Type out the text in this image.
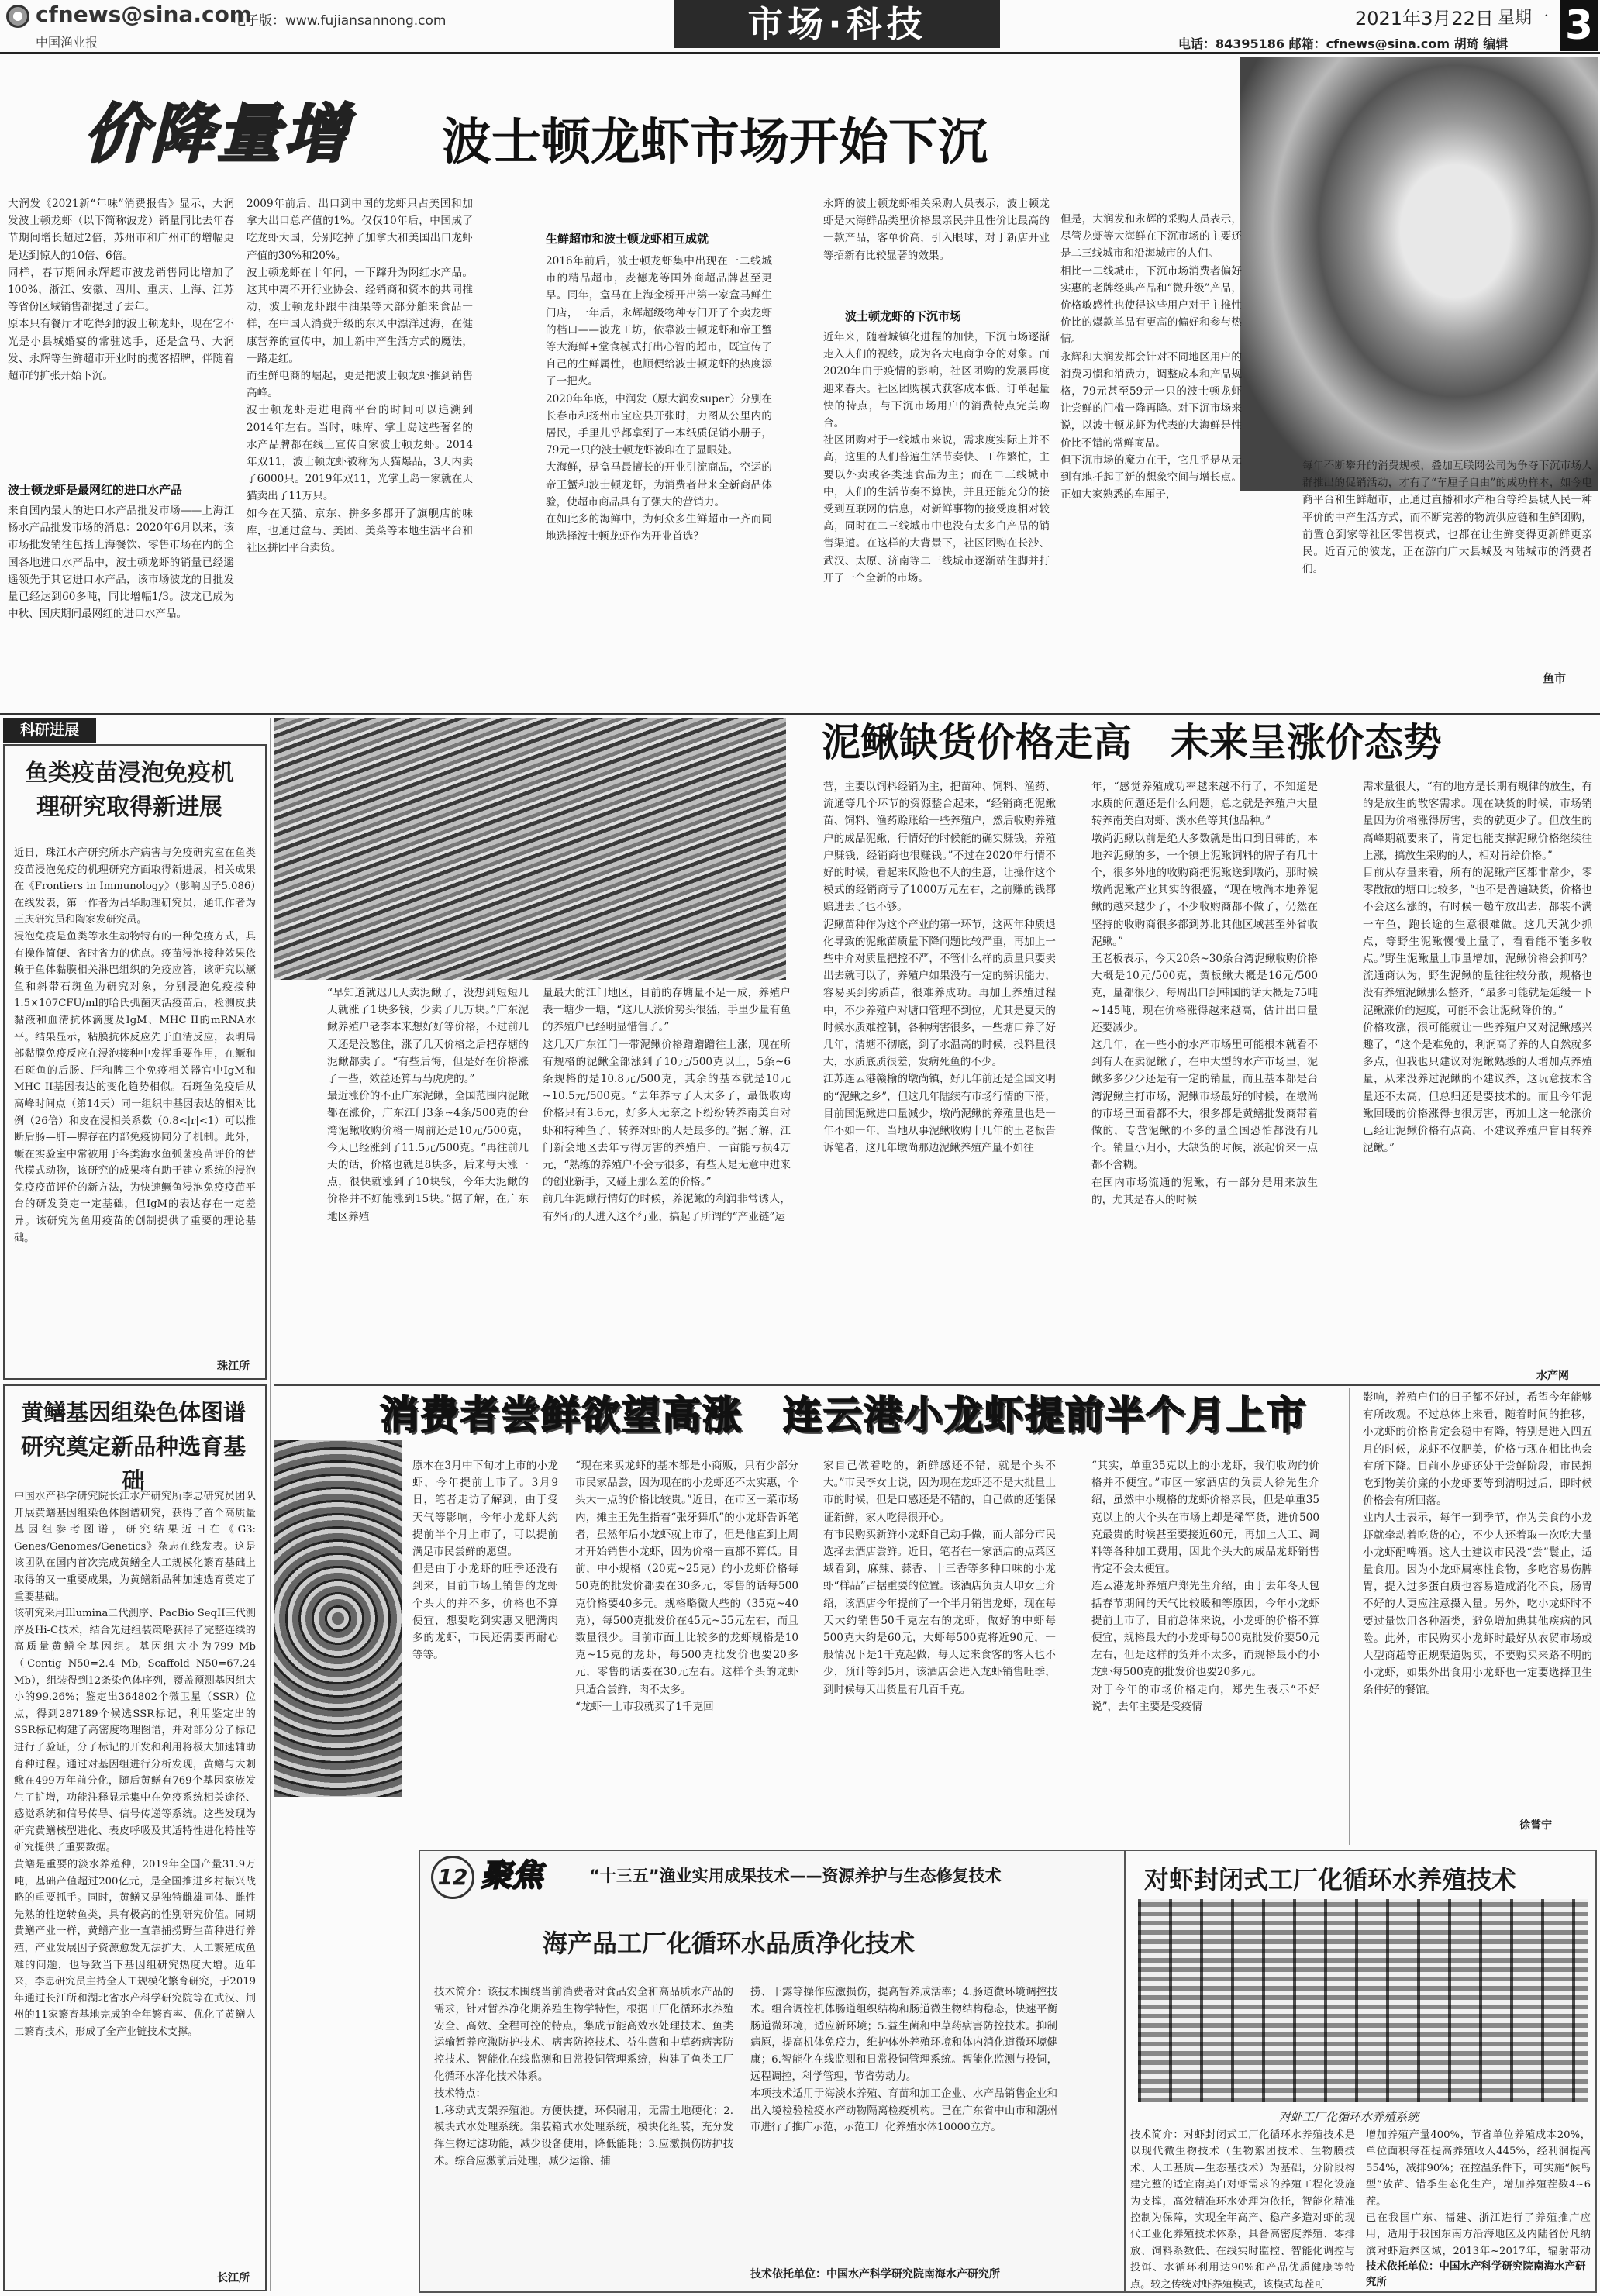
cfnews@sina.com
中国渔业报
电子版：www.fujiansannong.com	市场·科技	2021年3月22日 星期一 3
电话：84395186 邮箱：cfnews@sina.com 胡琦 编辑
价降量增 波士顿龙虾市场开始下沉
大润发《2021新“年味”消费报告》显示，大润发波士顿龙虾（以下简称波龙）销量同比去年春节期间增长超过2倍，苏州市和广州市的增幅更是达到惊人的10倍、6倍。
同样，春节期间永辉超市波龙销售同比增加了100%，浙江、安徽、四川、重庆、上海、江苏等省份区域销售都提过了去年。
原本只有餐厅才吃得到的波士顿龙虾，现在它不光是小县城婚宴的常驻选手，还是盒马、大润发、永辉等生鲜超市开业时的揽客招牌，伴随着超市的扩张开始下沉。
波士顿龙虾是最网红的进口水产品
来自国内最大的进口水产品批发市场——上海江杨水产品批发市场的消息：2020年6月以来，该市场批发销往包括上海餐饮、零售市场在内的全国各地进口水产品中，波士顿龙虾的销量已经遥遥领先于其它进口水产品，该市场波龙的日批发量已经达到60多吨，同比增幅1/3。波龙已成为中秋、国庆期间最网红的进口水产品。
2009年前后，出口到中国的龙虾只占美国和加拿大出口总产值的1%。仅仅10年后，中国成了吃龙虾大国，分别吃掉了加拿大和美国出口龙虾产值的30%和20%。
波士顿龙虾在十年间，一下蹿升为网红水产品。这其中离不开行业协会、经销商和资本的共同推动，波士顿龙虾跟牛油果等大部分舶来食品一样，在中国人消费升级的东风中漂洋过海，在健康营养的宣传中，加上新中产生活方式的魔法，一路走红。
而生鲜电商的崛起，更是把波士顿龙虾推到销售高峰。
波士顿龙虾走进电商平台的时间可以追溯到2014年左右。当时，味库、掌上岛这些著名的水产品牌都在线上宣传自家波士顿龙虾。2014年双11，波士顿龙虾被称为天猫爆品，3天内卖了6000只。2019年双11，光掌上岛一家就在天猫卖出了11万只。
如今在天猫、京东、拼多多都开了旗舰店的味库，也通过盒马、美团、美菜等本地生活平台和社区拼团平台卖货。
生鲜超市和波士顿龙虾相互成就
2016年前后，波士顿龙虾集中出现在一二线城市的精品超市，麦德龙等国外商超品牌甚至更早。同年，盒马在上海金桥开出第一家盒马鲜生门店，一年后，永辉超级物种专门开了个卖龙虾的档口——波龙工坊，依靠波士顿龙虾和帝王蟹等大海鲜+堂食模式打出心智的超市，既宣传了自己的生鲜属性，也顺便给波士顿龙虾的热度添了一把火。
2020年年底，中润发（原大润发super）分别在长春市和扬州市宝应县开张时，力图从公里内的居民，手里儿乎都拿到了一本纸质促销小册子，79元一只的波士顿龙虾被印在了显眼处。
大海鲜，是盒马最擅长的开业引流商品，空运的帝王蟹和波士顿龙虾，为消费者带来全新商品体验，使超市商品具有了强大的营销力。
在如此多的海鲜中，为何众多生鲜超市一齐而同地选择波士顿龙虾作为开业首选？
永辉的波士顿龙虾相关采购人员表示，波士顿龙虾是大海鲜品类里价格最亲民并且性价比最高的一款产品，客单价高，引入眼球，对于新店开业等招新有比较显著的效果。
波士顿龙虾的下沉市场
近年来，随着城镇化进程的加快，下沉市场逐渐走入人们的视线，成为各大电商争夺的对象。而2020年由于疫情的影响，社区团购的发展再度迎来春天。社区团购模式获客成本低、订单起量快的特点，与下沉市场用户的消费特点完美吻合。
社区团购对于一线城市来说，需求度实际上并不高，这里的人们普遍生活节奏快、工作繁忙，主要以外卖或各类速食品为主；而在二三线城市中，人们的生活节奏不算快，并且还能充分的接受到互联网的信息，对新鲜事物的接受度相对较高，同时在二三线城市中也没有太多白产品的销售渠道。在这样的大背景下，社区团购在长沙、武汉、太原、济南等二三线城市逐渐站住脚并打开了一个全新的市场。
但是，大润发和永辉的采购人员表示，尽管龙虾等大海鲜在下沉市场的主要还是二三线城市和沿海城市的人们。
相比一二线城市，下沉市场消费者偏好实惠的老牌经典产品和“微升级”产品，价格敏感性也使得这些用户对于主推性价比的爆款单品有更高的偏好和参与热情。
永辉和大润发都会针对不同地区用户的消费习惯和消费力，调整成本和产品规格，79元甚至59元一只的波士顿龙虾让尝鲜的门槛一降再降。对下沉市场来说，以波士顿龙虾为代表的大海鲜是性价比不错的常鲜商品。
但下沉市场的魔力在于，它几乎是从无到有地托起了新的想象空间与增长点。正如大家熟悉的车厘子，
每年不断攀升的消费规模，叠加互联网公司为争夺下沉市场人群推出的促销活动，才有了“车厘子自由”的成功样本，如今电商平台和生鲜超市，正通过直播和水产柜台等给县城人民一种平价的中产生活方式，而不断完善的物流供应链和生鲜团购，前置仓到家等社区零售模式，也都在让生鲜变得更新鲜更亲民。近百元的波龙，正在游向广大县城及内陆城市的消费者们。
鱼市
科研进展
鱼类疫苗浸泡免疫机理研究取得新进展
近日，珠江水产研究所水产病害与免疫研究室在鱼类疫苗浸泡免疫的机理研究方面取得新进展，相关成果在《Frontiers in Immunology》（影响因子5.086）在线发表，第一作者为吕华助理研究员，通讯作者为王庆研究员和陶家发研究员。
浸泡免疫是鱼类等水生动物特有的一种免疫方式，具有操作简便、省时省力的优点。疫苗浸泡接种效果依赖于鱼体黏膜相关淋巴组织的免疫应答，该研究以鳜鱼和斜带石斑鱼为研究对象，分别浸泡免疫接种1.5×107CFU/ml的哈氏弧菌灭活疫苗后，检测皮肤黏液和血清抗体滴度及IgM、MHC II的mRNA水平。结果显示，粘膜抗体反应先于血清反应，表明局部黏膜免疫反应在浸泡接种中发挥重要作用，在鳜和石斑鱼的后肠、肝和脾三个免疫相关器官中IgM和MHC II基因表达的变化趋势相似。石斑鱼免疫后从高峰时间点（第14天）同一组织中基因表达的相对比例（26倍）和皮在浸相关系数（0.8<|r|<1）可以推断后肠—肝—脾存在内部免疫协同分子机制。此外，鳜在实验室中常被用于各类海水鱼弧菌疫苗评价的替代模式动物，该研究的成果将有助于建立系统的浸泡免疫疫苗评价的新方法，为快速鳜鱼浸泡免疫疫苗平台的研发奠定一定基础，但IgM的表达存在一定差异。该研究为鱼用疫苗的创制提供了重要的理论基础。
珠江所
黄鳝基因组染色体图谱研究奠定新品种选育基础
中国水产科学研究院长江水产研究所李忠研究员团队开展黄鳝基因组染色体图谱研究，获得了首个高质量基因组参考图谱，研究结果近日在《G3: Genes/Genomes/Genetics》杂志在线发表。这是该团队在国内首次完成黄鳝全人工规模化繁育基础上取得的又一重要成果，为黄鳝新品种加速选育奠定了重要基础。
该研究采用Illumina二代测序、PacBio SeqII三代测序及Hi-C技术，结合先进组装策略获得了完整连续的高质量黄鳝全基因组。基因组大小为799 Mb（Contig N50=2.4 Mb, Scaffold N50=67.24 Mb），组装得到12条染色体序列，覆盖预测基因组大小的99.26%；鉴定出364802个微卫星（SSR）位点，得到287189个候选SSR标记，利用鉴定出的SSR标记构建了高密度物理图谱，并对部分分子标记进行了验证，分子标记的开发和利用将极大加速辅助育种过程。通过对基因组进行分析发现，黄鳝与大刺鳅在499万年前分化，随后黄鳝有769个基因家族发生了扩增，功能注释显示集中在免疫系统相关途径、感觉系统和信号传导、信号传递等系统。这些发现为研究黄鳝核型进化、表皮呼吸及其适特性进化特性等研究提供了重要数据。
黄鳝是重要的淡水养殖种，2019年全国产量31.9万吨，基础产值超过200亿元，是全国推进乡村振兴战略的重要抓手。同时，黄鳝又是独特雌雄同体、雌性先熟的性逆转鱼类，具有极高的性别研究价值。同期黄鳝产业一样，黄鳝产业一直靠捕捞野生苗种进行养殖，产业发展因子资源愈发无法扩大，人工繁殖成鱼难的问题，也导致当下基因组研究热度大增。近年来，李忠研究员主持全人工规模化繁育研究，于2019年通过长江所和湖北省水产科学研究院等在武汉、荆州的11家繁育基地完成的全年繁育率、优化了黄鳝人工繁育技术，形成了全产业链技术支撑。
长江所
泥鳅缺货价格走高　未来呈涨价态势
“早知道就迟几天卖泥鳅了，没想到短短几天就涨了1块多钱，少卖了几万块。”广东泥鳅养殖户老李本来想好好等价格，不过前几天还是没憋住，涨了几天价格之后把存塘的泥鳅都卖了。“有些后悔，但是好在价格涨了一些，效益还算马马虎虎的。”
最近涨价的不止广东泥鳅，全国范围内泥鳅都在涨价，广东江门3条~4条/500克的台湾泥鳅收购价格一周前还是10元/500克，今天已经涨到了11.5元/500克。“再往前几天的话，价格也就是8块多，后来每天涨一点，很快就涨到了10块钱，今年大泥鳅的价格并不好能涨到15块。”据了解，在广东地区养殖
量最大的江门地区，目前的存塘量不足一成，养殖户表一塘少一塘，“这几天涨价势头很猛，手里少量有鱼的养殖户已经明显惜售了。”
这几天广东江门一带泥鳅价格蹭蹭蹭往上涨，现在所有规格的泥鳅全部涨到了10元/500克以上，5条~6条规格的是10.8元/500克，其余的基本就是10元~10.5元/500克。“去年养亏了人太多了，最低收购价格只有3.6元，好多人无奈之下纷纷转养南美白对虾和特种鱼了，转养对虾的人是最多的。”据了解，江门新会地区去年亏得厉害的养殖户，一亩能亏损4万元，“熟练的养殖户不会亏很多，有些人是无意中进来的创业新手，又碰上那么差的价格。”
前几年泥鳅行情好的时候，养泥鳅的利润非常诱人，有外行的人进入这个行业，搞起了所谓的“产业链”运
营，主要以饲料经销为主，把苗种、饲料、渔药、流通等几个环节的资源整合起来，“经销商把泥鳅苗、饲料、渔药赊账给一些养殖户，然后收购养殖户的成品泥鳅，行情好的时候能的确实赚钱，养殖户赚钱，经销商也很赚钱。”不过在2020年行情不好的时候，看起来风险也不大的生意，让操作这个模式的经销商亏了1000万元左右，之前赚的钱都赔进去了也不够。
泥鳅苗种作为这个产业的第一环节，这两年种质退化导致的泥鳅苗质量下降问题比较严重，再加上一些中介对质量把控不严，不管什么样的质量只要卖出去就可以了，养殖户如果没有一定的辨识能力，容易买到劣质苗，很难养成功。再加上养殖过程中，不少养殖户对塘口管理不到位，尤其是夏天的时候水质难控制，各种病害很多，一些塘口养了好几年，清塘不彻底，到了水温高的时候，投料量很大，水质底质很差，发病死鱼的不少。
江苏连云港赣榆的墩尚镇，好几年前还是全国文明的“泥鳅之乡”，但这几年陆续有市场行情的下滑，目前国泥鳅进口量减少，墩尚泥鳅的养殖量也是一年不如一年，当地从事泥鳅收购十几年的王老板告诉笔者，这几年墩尚那边泥鳅养殖产量不如往
年，“感觉养殖成功率越来越不行了，不知道是水质的问题还是什么问题，总之就是养殖户大量转养南美白对虾、淡水鱼等其他品种。”
墩尚泥鳅以前是绝大多数就是出口到日韩的，本地养泥鳅的多，一个镇上泥鳅饲料的牌子有几十个，很多外地的收购商把泥鳅送到墩尚，那时候墩尚泥鳅产业其实的很盛，“现在墩尚本地养泥鳅的越来越少了，不少收购商都不做了，仍然在坚持的收购商很多都到苏北其他区域甚至外省收泥鳅。”
王老板表示，今天20条~30条台湾泥鳅收购价格大概是10元/500克，黄板鳅大概是16元/500克，量都很少，每周出口到韩国的话大概是75吨~145吨，现在价格涨得越来越高，估计出口量还要减少。
这几年，在一些小的水产市场里可能根本就看不到有人在卖泥鳅了，在中大型的水产市场里，泥鳅多多少少还是有一定的销量，而且基本都是台湾泥鳅主打市场，泥鳅市场最好的时候，在墩尚的市场里面看都不大，很多都是黄鳝批发商带着做的，专营泥鳅的不多的量全国恐怕都没有几个。销量小归小，大缺货的时候，涨起价来一点都不含糊。
在国内市场流通的泥鳅，有一部分是用来放生的，尤其是春天的时候
需求量很大，“有的地方是长期有规律的放生，有的是放生的散客需求。现在缺货的时候，市场销量因为价格涨得厉害，卖的就更少了。但放生的高峰期就要来了，肯定也能支撑泥鳅价格继续往上涨，搞放生采购的人，相对肯给价格。”
目前从存量来看，所有的泥鳅产区都非常少，零零散散的塘口比较多，“也不是普遍缺货，价格也不会这么涨的，有时候一趟车放出去，都装不满一车鱼，跑长途的生意很难做。这几天就少抓点，等野生泥鳅慢慢上量了，看看能不能多收点。”野生泥鳅量上市量增加，泥鳅价格会抑吗？流通商认为，野生泥鳅的量往往较分散，规格也没有养殖泥鳅那么整齐，“最多可能就是延缓一下泥鳅涨价的速度，可能不会让泥鳅降价的。”
价格攻涨，很可能就让一些养殖户又对泥鳅感兴趣了，“这个是难免的，利润高了养的人自然就多多点，但我也只建议对泥鳅熟悉的人增加点养殖量，从来没养过泥鳅的不建议养，这玩意技术含量还不太高，但总归还是要技术的。而且今年泥鳅回暖的价格涨得也很厉害，再加上这一轮涨价已经让泥鳅价格有点高，不建议养殖户盲目转养泥鳅。”
水产网
消费者尝鲜欲望高涨　连云港小龙虾提前半个月上市
原本在3月中下旬才上市的小龙虾，今年提前上市了。3月9日，笔者走访了解到，由于受天气等影响，今年小龙虾大约提前半个月上市了，可以提前满足市民尝鲜的愿望。
但是由于小龙虾的旺季还没有到来，目前市场上销售的龙虾个头大的并不多，价格也不算便宜，想要吃到实惠又肥满肉多的龙虾，市民还需要再耐心等等。
“现在来买龙虾的基本都是小商贩，只有少部分市民家品尝，因为现在的小龙虾还不太实惠，个头大一点的价格比较贵。”近日，在市区一菜市场内，摊主王先生指着“张牙舞爪”的小龙虾告诉笔者，虽然年后小龙虾就上市了，但是他直到上周才开始销售小龙虾，因为价格一直都不算低。目前，中小规格（20克~25克）的小龙虾价格每50克的批发价都要在30多元，零售的话每500克价格要40多元。规格略微大些的（35克~40克），每500克批发价在45元~55元左右，而且数量很少。目前市面上比较多的龙虾规格是10克~15克的龙虾，每500克批发价也要20多元，零售的话要在30元左右。这样个头的龙虾只适合尝鲜，肉不太多。
“龙虾一上市我就买了1千克回
家自己做着吃的，新鲜感还不错，就是个头不大。”市民李女士说，因为现在龙虾还不是大批量上市的时候，但是口感还是不错的，自己做的还能保证新鲜，家人吃得很开心。
有市民购买新鲜小龙虾自己动手做，而大部分市民选择去酒店尝鲜。近日，笔者在一家酒店的点菜区域看到，麻辣、蒜香、十三香等多种口味的小龙虾“样品”占据重要的位置。该酒店负责人印女士介绍，该酒店今年提前了一个半月销售龙虾，现在每天大约销售50千克左右的龙虾，做好的中虾每500克大约是60元，大虾每500克将近90元，一般情况下是1千克起做，每天过来食客的客人也不少，预计等到5月，该酒店会进入龙虾销售旺季，到时候每天出货量有几百千克。
“其实，单重35克以上的小龙虾，我们收购的价格并不便宜。”市区一家酒店的负责人徐先生介绍，虽然中小规格的龙虾价格亲民，但是单重35克以上的大个头在市场上却是稀罕货，进价500克最贵的时候甚至要接近60元，再加上人工、调料等各种加工费用，因此个头大的成品龙虾销售肯定不会太便宜。
连云港龙虾养殖户郑先生介绍，由于去年冬天包括春节期间的天气比较暖和等原因，今年小龙虾提前上市了，目前总体来说，小龙虾的价格不算便宜，规格最大的小龙虾每500克批发价要50元左右，但是这样的货并不太多，而规格最小的小龙虾每500克的批发价也要20多元。
对于今年的市场价格走向，郑先生表示“不好说”，去年主要是受疫情
影响，养殖户们的日子都不好过，希望今年能够有所改观。不过总体上来看，随着时间的推移，小龙虾的价格肯定会稳中有降，特别是进入四五月的时候，龙虾不仅肥美，价格与现在相比也会有所下降。目前小龙虾还处于尝鲜阶段，市民想吃到物美价廉的小龙虾要等到清明过后，即时候价格会有所回落。
业内人士表示，每年一到季节，作为美食的小龙虾就牵动着吃货的心，不少人还着取一次吃大量小龙虾配啤酒。这人士建议市民没“尝”鬟止，适量食用。因为小龙虾属寒性食物，多吃容易伤脾胃，提入过多蛋白质也容易造成消化不良，肠胃不好的人更应注意摄入量。另外，吃小龙虾时不要过量饮用各种酒类，避免增加患其他疾病的风险。此外，市民购买小龙虾时最好从农贸市场或大型商超等正规渠道购买，不要购买来路不明的小龙虾，如果外出食用小龙虾也一定要选择卫生条件好的餐馆。
徐嘗宁
12 聚焦	“十三五”渔业实用成果技术——资源养护与生态修复技术
海产品工厂化循环水品质净化技术
技术简介：该技术围绕当前消费者对食品安全和高品质水产品的需求，针对暂养净化期养殖生物学特性，根据工厂化循环水养殖安全、高效、全程可控的特点，集成节能高效水处理技术、鱼类运输暂养应激防护技术、病害防控技术、益生菌和中草药病害防控技术、智能化在线监测和日常投饲管理系统，构建了鱼类工厂化循环水净化技术体系。
技术特点：
1.移动式支架养殖池。方便快捷，环保耐用，无需土地硬化；2.模块式水处理系统。集装箱式水处理系统，模块化组装，充分发挥生物过滤功能，减少设备使用，降低能耗；3.应激损伤防护技术。综合应激前后处理，减少运输、捕
捞、干露等操作应激损伤，提高暂养成活率；4.肠道微环境调控技术。组合调控机体肠道组织结构和肠道微生物结构稳态，快速平衡肠道微环境，适应新环境；5.益生菌和中草药病害防控技术。抑制病原，提高机体免疫力，维护体外养殖环境和体内消化道微环境健康；6.智能化在线监测和日常投饲管理系统。智能化监测与投饲，远程调控，科学管理，节省劳动力。
本项技术适用于海淡水养殖、育苗和加工企业、水产品销售企业和出入境检验检疫水产动物隔离检疫机构。已在广东省中山市和潮州市进行了推广示范，示范工厂化养殖水体10000立方。
技术依托单位：中国水产科学研究院南海水产研究所
对虾封闭式工厂化循环水养殖技术
对虾工厂化循环水养殖系统
技术简介：对虾封闭式工厂化循环水养殖技术是以现代微生物技术（生物絮团技术、生物膜技术、人工基质—生态基技术）为基础，分阶段构建完整的适宜南美白对虾需求的养殖工程化设施为支撑，高效精准环水处理为依托，智能化精准控制为保障，实现全年高产、稳产多造对虾的现代工业化养殖技术体系，具备高密度养殖、零排放、饲料系数低、在线实时监控、智能化调控与投饵、水循环利用达90%和产品优质健康等特点。较之传统对虾养殖模式，该模式每茬可
增加养殖产量400%，节省单位养殖成本20%，单位面积每茬提高养殖收入445%，经利润提高554%，减排90%；在控温条件下，可实施“候鸟型”放苗、错季生态化生产，增加养殖茬数4~6茬。
已在我国广东、福建、浙江进行了养殖推广应用，适用于我国东南方沿海地区及内陆省份凡纳滨对虾适养区域，2013年~2017年，辐射带动
技术依托单位：中国水产科学研究院南海水产研究所
